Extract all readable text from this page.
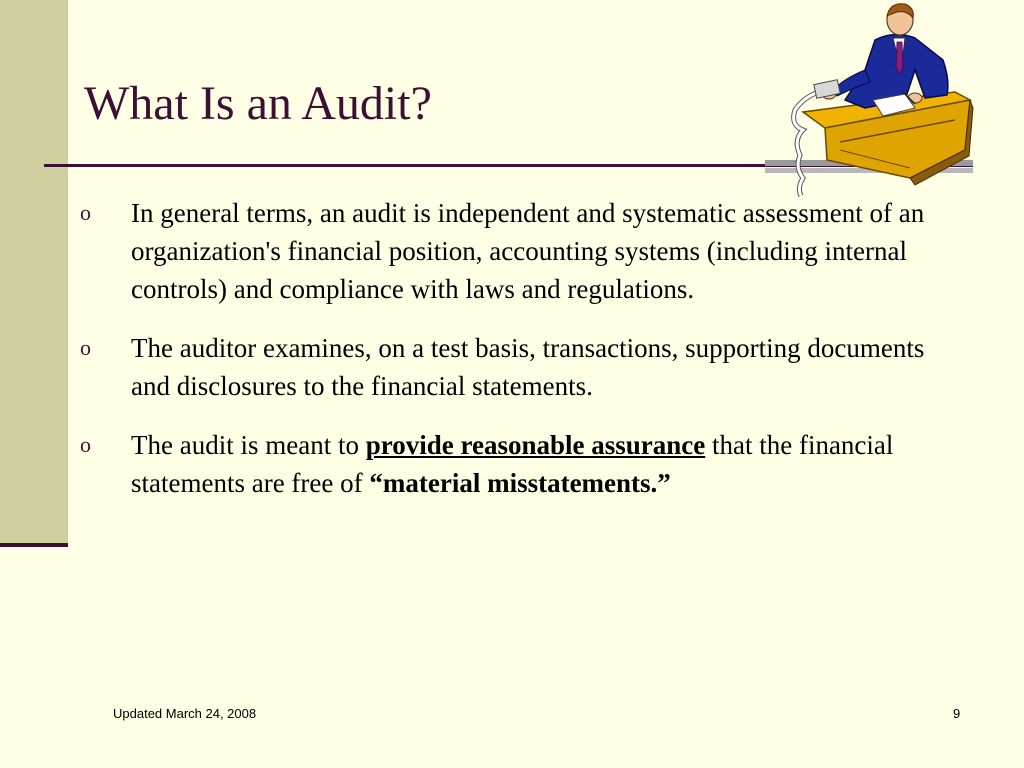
What Is an Audit?
o In general terms, an audit is independent and systematic assessment of an organization's financial position, accounting systems (including internal controls) and compliance with laws and regulations.
o The auditor examines, on a test basis, transactions, supporting documents and disclosures to the financial statements.
o The audit is meant to provide reasonable assurance that the financial statements are free of “material misstatements.”
Updated March 24, 2008	9
